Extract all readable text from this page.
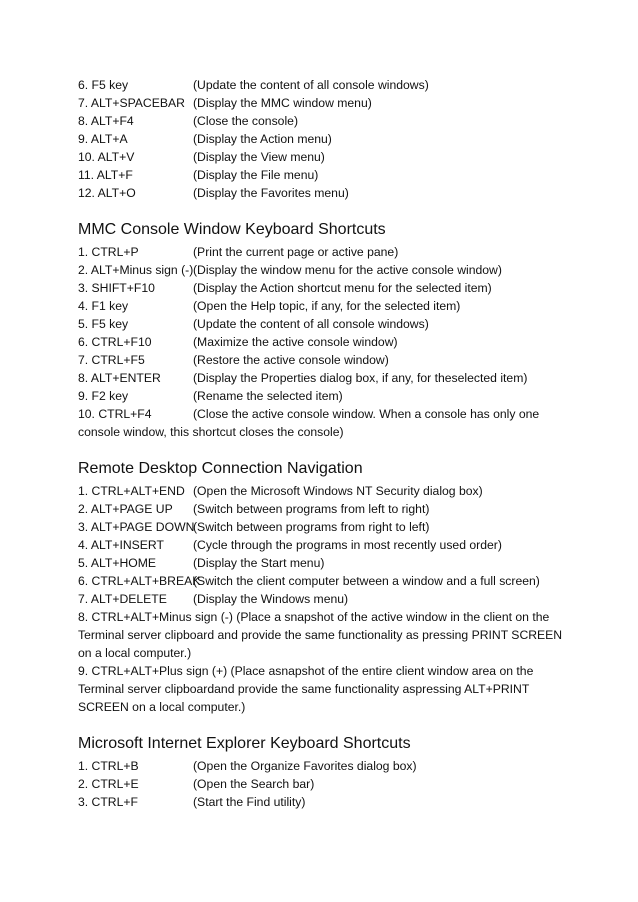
6. F5 key	(Update the content of all console windows)
7. ALT+SPACEBAR (Display the MMC window menu)
8. ALT+F4	(Close the console)
9. ALT+A	(Display the Action menu)
10. ALT+V	(Display the View menu)
11. ALT+F	(Display the File menu)
12. ALT+O	(Display the Favorites menu)
MMC Console Window Keyboard Shortcuts
1. CTRL+P	(Print the current page or active pane)
2. ALT+Minus sign (-) (Display the window menu for the active console window)
3. SHIFT+F10	(Display the Action shortcut menu for the selected item)
4. F1 key	(Open the Help topic, if any, for the selected item)
5. F5 key	(Update the content of all console windows)
6. CTRL+F10	(Maximize the active console window)
7. CTRL+F5	(Restore the active console window)
8. ALT+ENTER	(Display the Properties dialog box, if any, for theselected item)
9. F2 key	(Rename the selected item)
10. CTRL+F4	(Close the active console window. When a console has only one
console window, this shortcut closes the console)
Remote Desktop Connection Navigation
1. CTRL+ALT+END (Open the Microsoft Windows NT Security dialog box)
2. ALT+PAGE UP	(Switch between programs from left to right)
3. ALT+PAGE DOWN
(Switch between programs from right to left)
4. ALT+INSERT	(Cycle through the programs in most recently used order)
5. ALT+HOME	(Display the Start menu)
6. CTRL+ALT+BREAK
(Switch the client computer between a window and a full screen)
7. ALT+DELETE	(Display the Windows menu)
8. CTRL+ALT+Minus sign (-) (Place a snapshot of the active window in the client on the Terminal server clipboard and provide the same functionality as pressing PRINT SCREEN on a local computer.)
9. CTRL+ALT+Plus sign (+) (Place asnapshot of the entire client window area on the Terminal server clipboardand provide the same functionality aspressing ALT+PRINT SCREEN on a local computer.)
Microsoft Internet Explorer Keyboard Shortcuts
1. CTRL+B	(Open the Organize Favorites dialog box)
2. CTRL+E	(Open the Search bar)
3. CTRL+F	(Start the Find utility)
